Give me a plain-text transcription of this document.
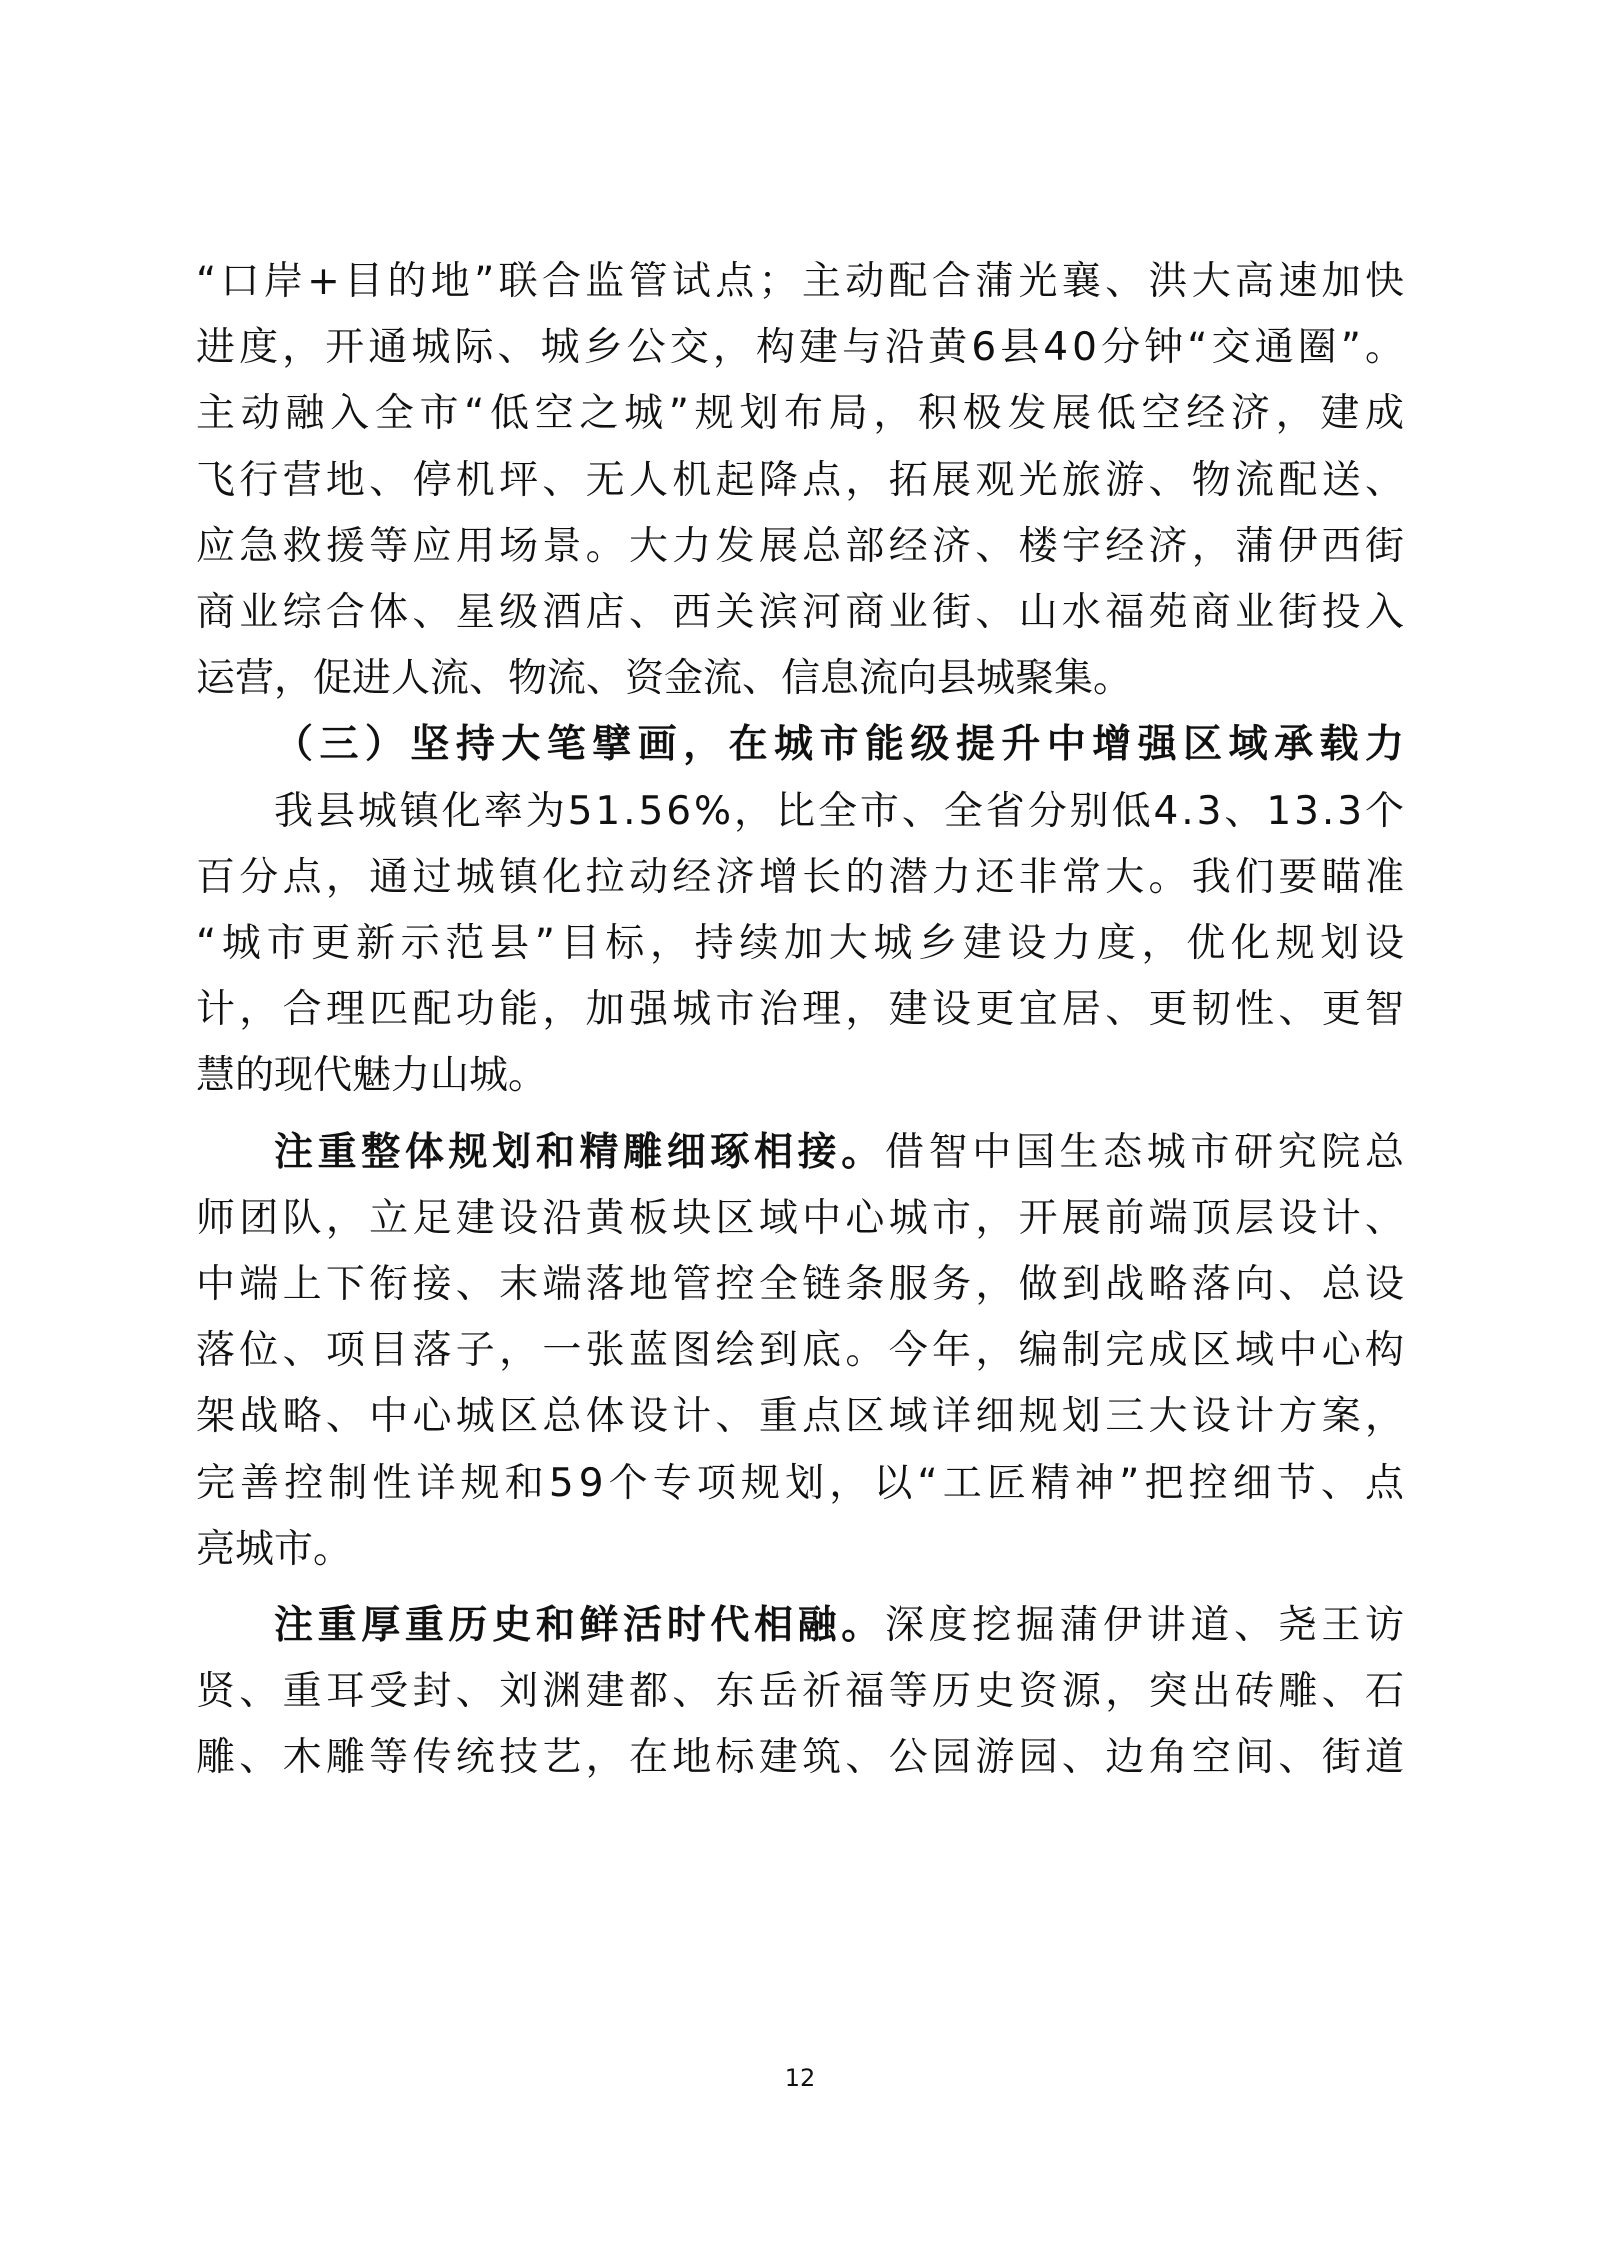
“口岸+目的地”联合监管试点；主动配合蒲光襄、洪大高速加快
进度，开通城际、城乡公交，构建与沿黄6县40分钟“交通圈”。
主动融入全市“低空之城”规划布局，积极发展低空经济，建成
飞行营地、停机坪、无人机起降点，拓展观光旅游、物流配送、
应急救援等应用场景。大力发展总部经济、楼宇经济，蒲伊西街
商业综合体、星级酒店、西关滨河商业街、山水福苑商业街投入
运营，促进人流、物流、资金流、信息流向县城聚集。
（三）坚持大笔擘画，在城市能级提升中增强区域承载力
我县城镇化率为51.56%，比全市、全省分别低4.3、13.3个
百分点，通过城镇化拉动经济增长的潜力还非常大。我们要瞄准
“城市更新示范县”目标，持续加大城乡建设力度，优化规划设
计，合理匹配功能，加强城市治理，建设更宜居、更韧性、更智
慧的现代魅力山城。
注重整体规划和精雕细琢相接。借智中国生态城市研究院总
师团队，立足建设沿黄板块区域中心城市，开展前端顶层设计、
中端上下衔接、末端落地管控全链条服务，做到战略落向、总设
落位、项目落子，一张蓝图绘到底。今年，编制完成区域中心构
架战略、中心城区总体设计、重点区域详细规划三大设计方案，
完善控制性详规和59个专项规划，以“工匠精神”把控细节、点
亮城市。
注重厚重历史和鲜活时代相融。深度挖掘蒲伊讲道、尧王访
贤、重耳受封、刘渊建都、东岳祈福等历史资源，突出砖雕、石
雕、木雕等传统技艺，在地标建筑、公园游园、边角空间、街道
12
